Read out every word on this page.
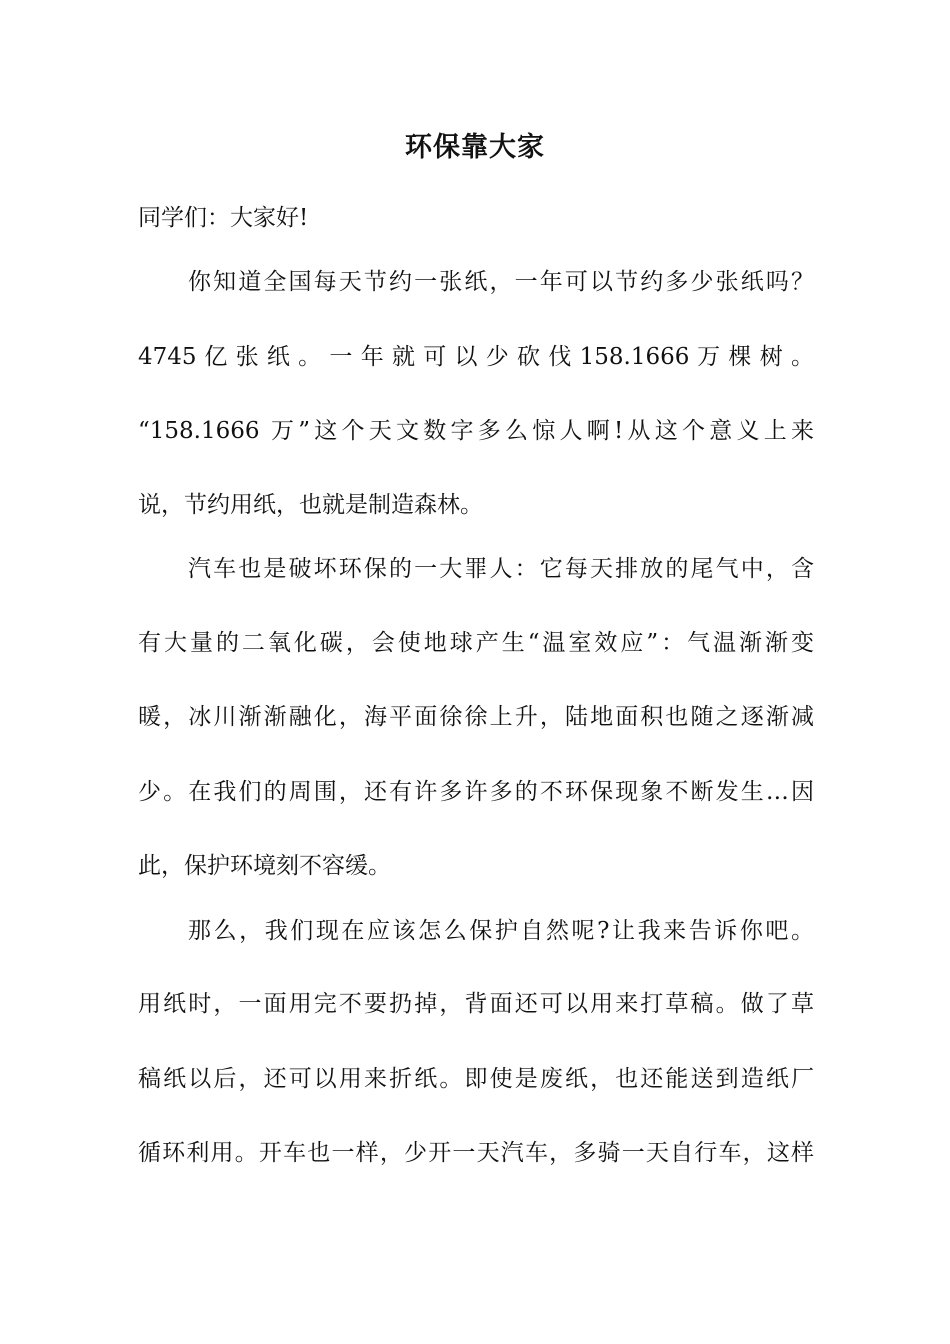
环保靠大家
同学们：大家好!
你知道全国每天节约一张纸，一年可以节约多少张纸吗？
4745 亿 张 纸 。 一 年 就 可 以 少 砍 伐 158.1666 万 棵 树 。
“158.1666 万”这个天文数字多么惊人啊!从这个意义上来
说，节约用纸，也就是制造森林。
汽车也是破坏环保的一大罪人：它每天排放的尾气中，含
有大量的二氧化碳，会使地球产生“温室效应”：气温渐渐变
暖，冰川渐渐融化，海平面徐徐上升，陆地面积也随之逐渐减
少。在我们的周围，还有许多许多的不环保现象不断发生…因
此，保护环境刻不容缓。
那么，我们现在应该怎么保护自然呢?让我来告诉你吧。
用纸时，一面用完不要扔掉，背面还可以用来打草稿。做了草
稿纸以后，还可以用来折纸。即使是废纸，也还能送到造纸厂
循环利用。开车也一样，少开一天汽车，多骑一天自行车，这样
